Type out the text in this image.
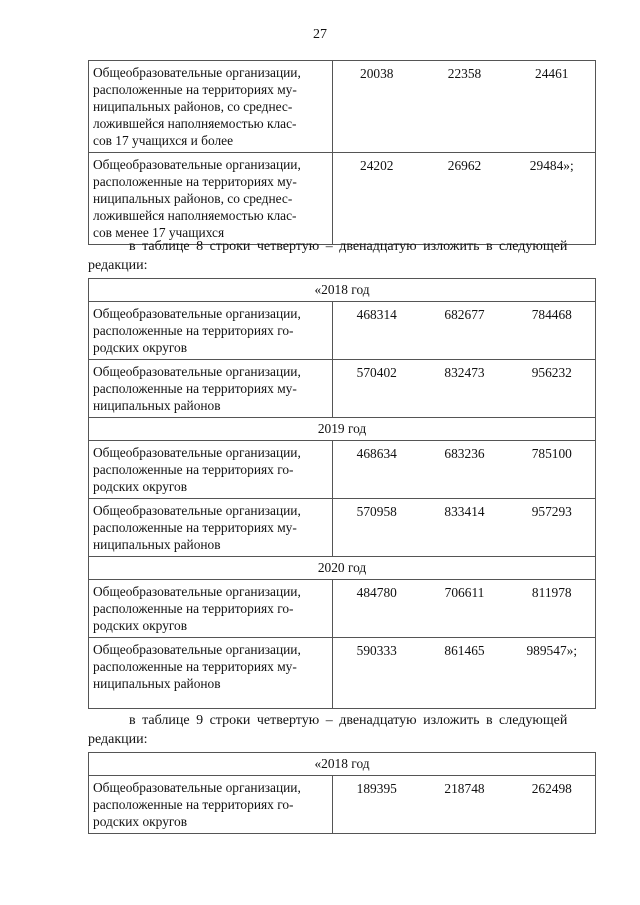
27
Общеобразовательные организации,
расположенные на территориях му-
ниципальных районов, со среднес-
ложившейся наполняемостью клас-
сов 17 учащихся и более	20038	22358	24461

Общеобразовательные организации,
расположенные на территориях му-
ниципальных районов, со среднес-
ложившейся наполняемостью клас-
сов менее 17 учащихся	24202	26962	29484»;
в таблице 8 строки четвертую – двенадцатую изложить в следующей
редакции:
«2018 год			

Общеобразовательные организации,
расположенные на территориях го-
родских округов	468314	682677	784468

Общеобразовательные организации,
расположенные на территориях му-
ниципальных районов	570402	832473	956232
2019 год			

Общеобразовательные организации,
расположенные на территориях го-
родских округов	468634	683236	785100

Общеобразовательные организации,
расположенные на территориях му-
ниципальных районов	570958	833414	957293
2020 год			

Общеобразовательные организации,
расположенные на территориях го-
родских округов	484780	706611	811978

Общеобразовательные организации,
расположенные на территориях му-
ниципальных районов	590333	861465	989547»;
в таблице 9 строки четвертую – двенадцатую изложить в следующей
редакции:
«2018 год

Общеобразовательные организации,
расположенные на территориях го-
родских округов
	189395	218748	262498
